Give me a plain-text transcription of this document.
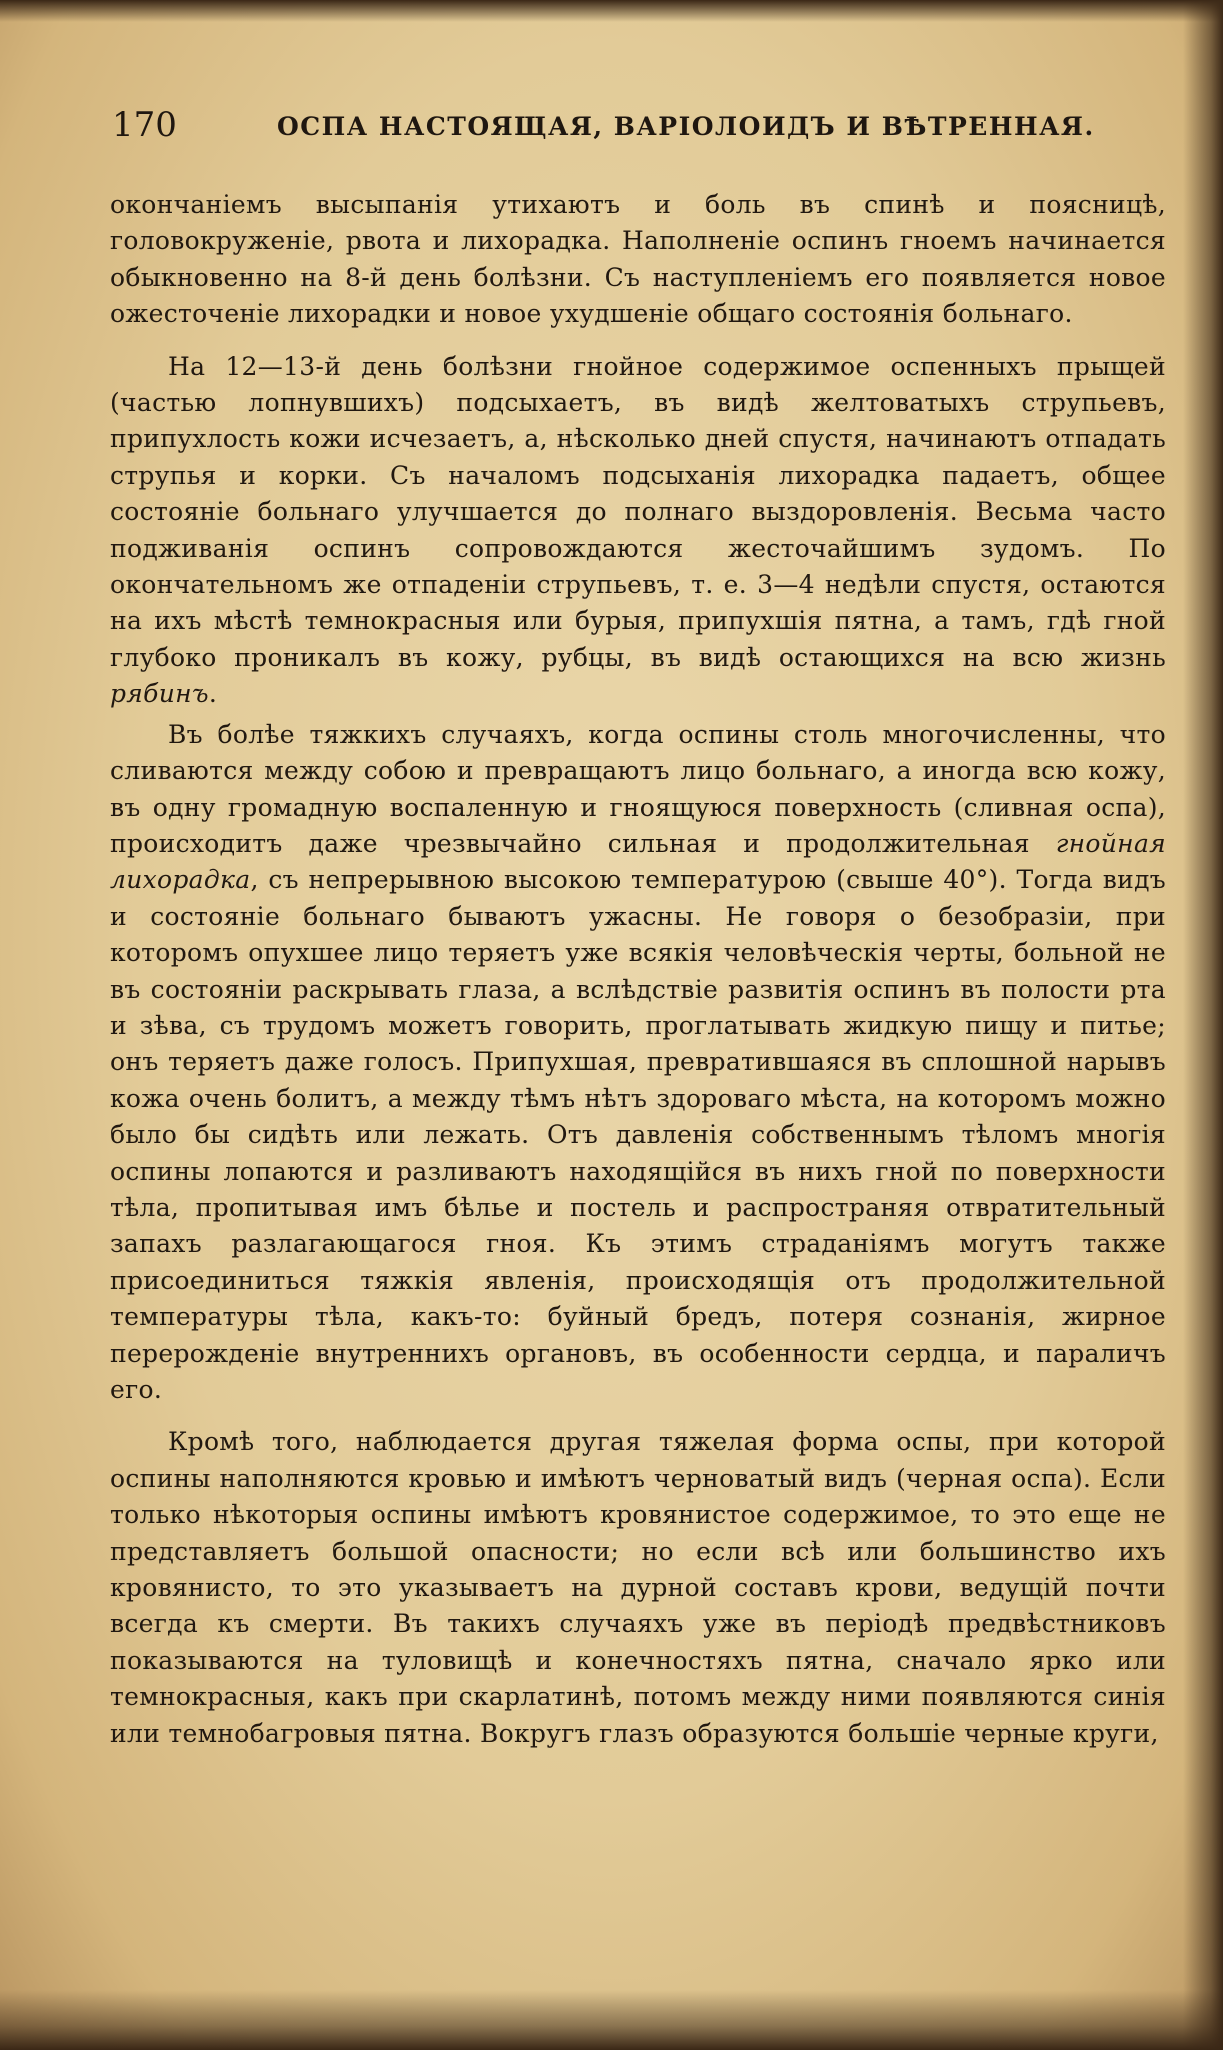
170	ОСПА НАСТОЯЩАЯ, ВАРІОЛОИДЪ И ВѢТРЕННАЯ.

окончаніемъ высыпанія утихаютъ и боль въ спинѣ и поясницѣ, головокруженіе, рвота и лихорадка. Наполненіе оспинъ гноемъ начинается обыкновенно на 8-й день болѣзни. Съ наступленіемъ его появляется новое ожесточеніе лихорадки и новое ухудшеніе общаго состоянія больнаго.

На 12—13-й день болѣзни гнойное содержимое оспенныхъ прыщей (частью лопнувшихъ) подсыхаетъ, въ видѣ желтоватыхъ струпьевъ, припухлость кожи исчезаетъ, а, нѣсколько дней спустя, начинаютъ отпадать струпья и корки. Съ началомъ подсыханія лихорадка падаетъ, общее состояніе больнаго улучшается до полнаго выздоровленія. Весьма часто подживанія оспинъ сопровождаются жесточайшимъ зудомъ. По окончательномъ же отпаденіи струпьевъ, т. е. 3—4 недѣли спустя, остаются на ихъ мѣстѣ темнокрасныя или бурыя, припухшія пятна, а тамъ, гдѣ гной глубоко проникалъ въ кожу, рубцы, въ видѣ остающихся на всю жизнь рябинъ.

Въ болѣе тяжкихъ случаяхъ, когда оспины столь многочисленны, что сливаются между собою и превращаютъ лицо больнаго, а иногда всю кожу, въ одну громадную воспаленную и гноящуюся поверхность (сливная оспа), происходитъ даже чрезвычайно сильная и продолжительная гнойная лихорадка, съ непрерывною высокою температурою (свыше 40°). Тогда видъ и состояніе больнаго бываютъ ужасны. Не говоря о безобразіи, при которомъ опухшее лицо теряетъ уже всякія человѣческія черты, больной не въ состояніи раскрывать глаза, а вслѣдствіе развитія оспинъ въ полости рта и зѣва, съ трудомъ можетъ говорить, проглатывать жидкую пищу и питье; онъ теряетъ даже голосъ. Припухшая, превратившаяся въ сплошной нарывъ кожа очень болитъ, а между тѣмъ нѣтъ здороваго мѣста, на которомъ можно было бы сидѣть или лежать. Отъ давленія собственнымъ тѣломъ многія оспины лопаются и разливаютъ находящійся въ нихъ гной по поверхности тѣла, пропитывая имъ бѣлье и постель и распространяя отвратительный запахъ разлагающагося гноя. Къ этимъ страданіямъ могутъ также присоединиться тяжкія явленія, происходящія отъ продолжительной температуры тѣла, какъ-то: буйный бредъ, потеря сознанія, жирное перерожденіе внутреннихъ органовъ, въ особенности сердца, и параличъ его.

Кромѣ того, наблюдается другая тяжелая форма оспы, при которой оспины наполняются кровью и имѣютъ черноватый видъ (черная оспа). Если только нѣкоторыя оспины имѣютъ кровянистое содержимое, то это еще не представляетъ большой опасности; но если всѣ или большинство ихъ кровянисто, то это указываетъ на дурной составъ крови, ведущій почти всегда къ смерти. Въ такихъ случаяхъ уже въ періодѣ предвѣстниковъ показываются на туловищѣ и конечностяхъ пятна, сначало ярко или темнокрасныя, какъ при скарлатинѣ, потомъ между ними появляются синія или темнобагровыя пятна. Вокругъ глазъ образуются большіе черные круги,
